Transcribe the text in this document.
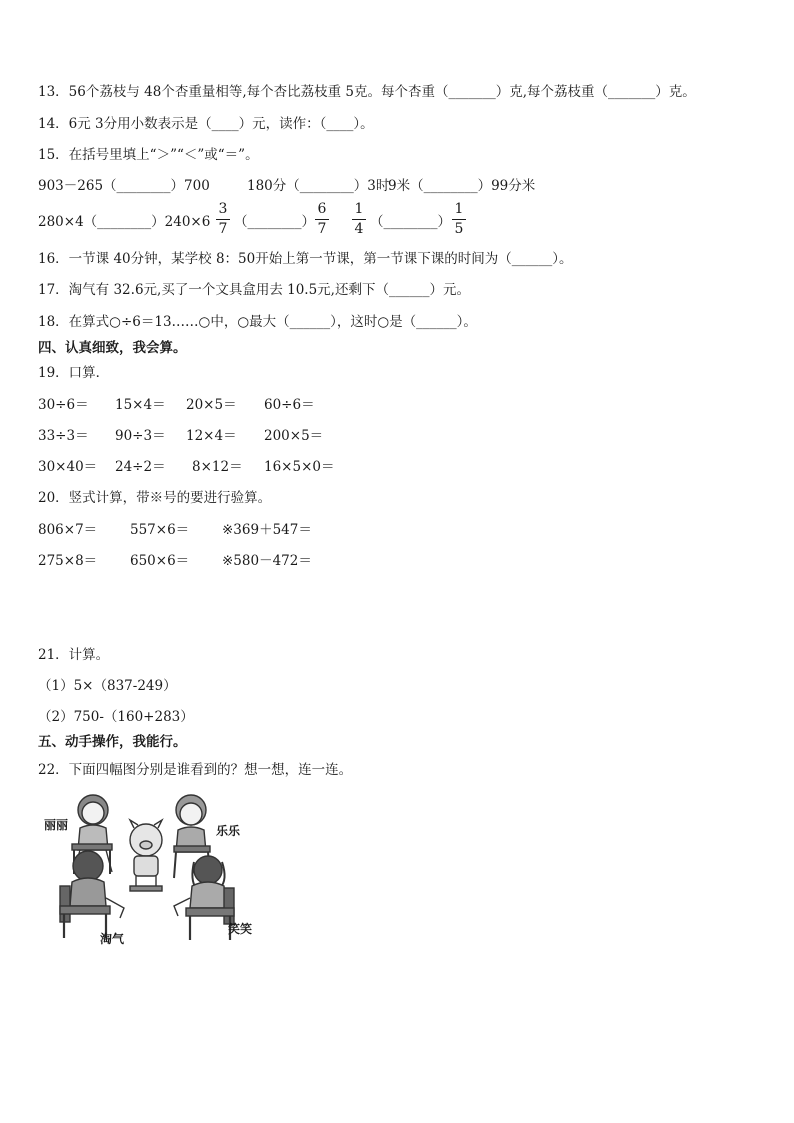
13．56个荔枝与 48个杏重量相等,每个杏比荔枝重 5克。每个杏重（_______）克,每个荔枝重（_______）克。
14．6元 3分用小数表示是（____）元，读作：（____）。
15．在括号里填上“＞”“＜”或“＝”。
903－265（________）700	180分（________）3时
9米（________）99分米
280×4（________）240×6
3
7 （________）
6
7
1
4 （________）
1
5
16．一节课 40分钟，某学校 8：50开始上第一节课，第一节课下课的时间为（______）。
17．淘气有 32.6元,买了一个文具盒用去 10.5元,还剩下（______）元。
18．在算式○÷6＝13……○中，○最大（______），这时○是（______）。
四、认真细致，我会算。
19．口算．
30÷6＝ 15×4＝ 20×5＝ 60÷6＝
33÷3＝ 90÷3＝ 12×4＝ 200×5＝
30×40＝ 24÷2＝ 8×12＝ 16×5×0＝
20．竖式计算，带※号的要进行验算。
806×7＝ 557×6＝ ※369＋547＝
275×8＝ 650×6＝ ※580－472＝
21．计算。
（1）5×（837-249）
（2）750-（160+283）
五、动手操作，我能行。
22．下面四幅图分别是谁看到的？想一想，连一连。
丽丽	乐乐
淘气
笑笑
